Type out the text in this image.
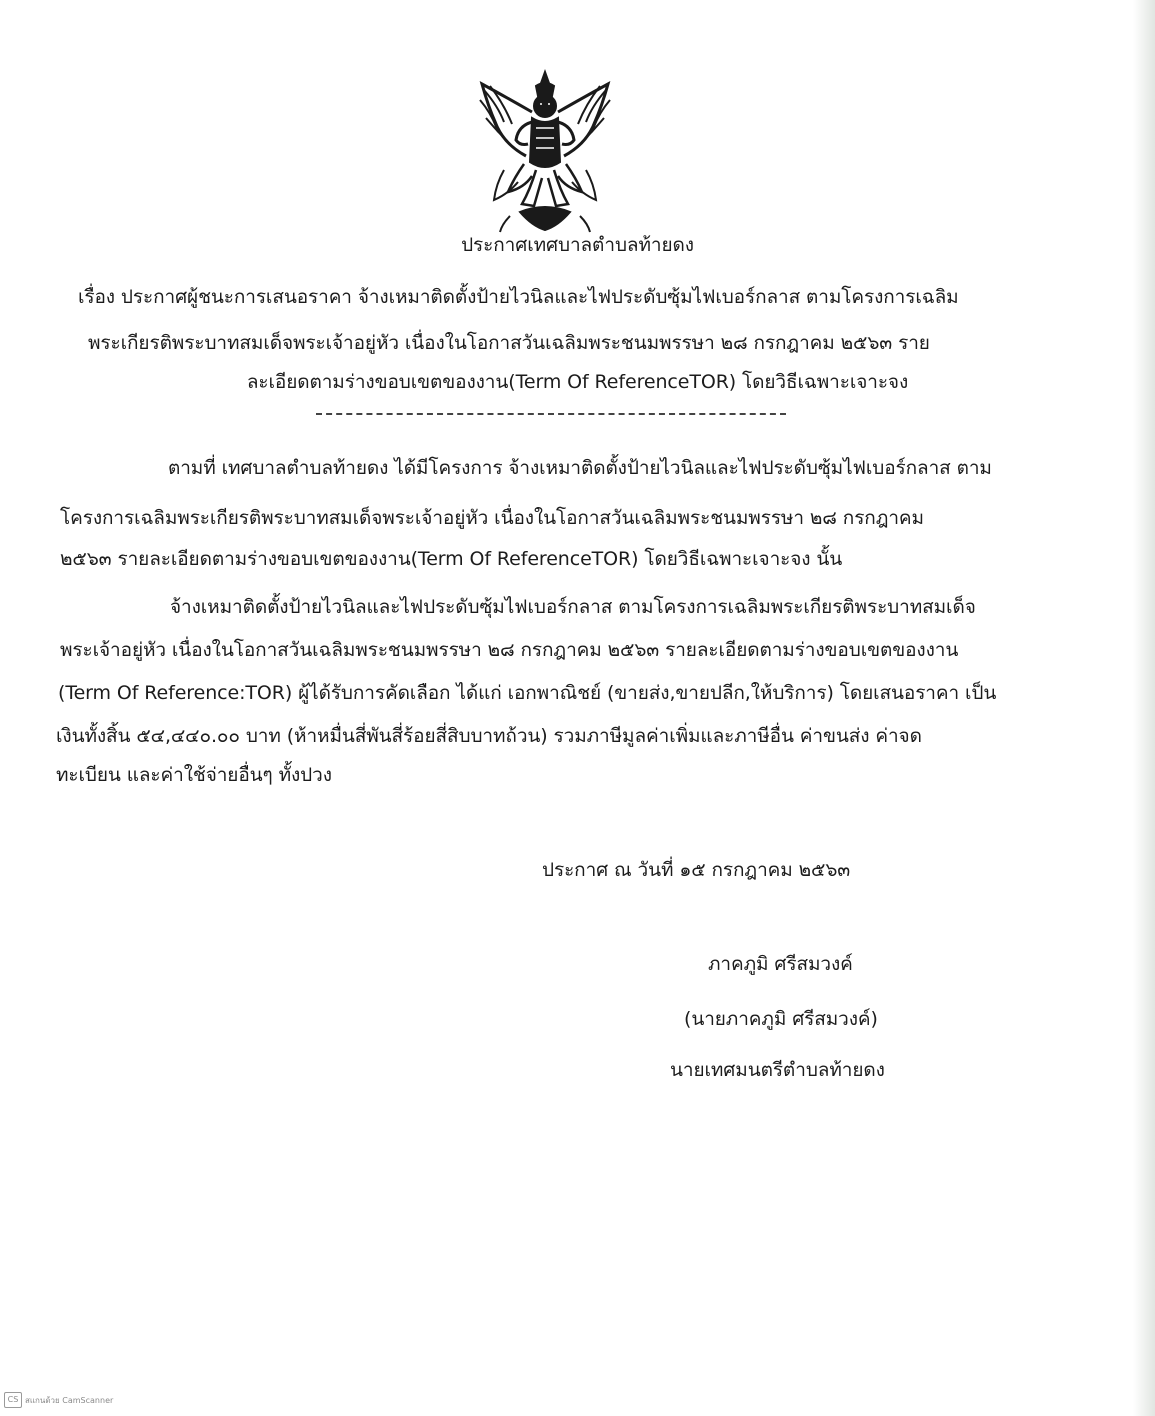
ประกาศเทศบาลตำบลท้ายดง
เรื่อง ประกาศผู้ชนะการเสนอราคา จ้างเหมาติดตั้งป้ายไวนิลและไฟประดับซุ้มไฟเบอร์กลาส ตามโครงการเฉลิม
พระเกียรติพระบาทสมเด็จพระเจ้าอยู่หัว เนื่องในโอกาสวันเฉลิมพระชนมพรรษา ๒๘ กรกฎาคม ๒๕๖๓ ราย
ละเอียดตามร่างขอบเขตของงาน(Term Of ReferenceTOR) โดยวิธีเฉพาะเจาะจง
ตามที่ เทศบาลตำบลท้ายดง ได้มีโครงการ จ้างเหมาติดตั้งป้ายไวนิลและไฟประดับซุ้มไฟเบอร์กลาส ตาม
โครงการเฉลิมพระเกียรติพระบาทสมเด็จพระเจ้าอยู่หัว เนื่องในโอกาสวันเฉลิมพระชนมพรรษา ๒๘ กรกฎาคม
๒๕๖๓ รายละเอียดตามร่างขอบเขตของงาน(Term Of ReferenceTOR) โดยวิธีเฉพาะเจาะจง นั้น
จ้างเหมาติดตั้งป้ายไวนิลและไฟประดับซุ้มไฟเบอร์กลาส ตามโครงการเฉลิมพระเกียรติพระบาทสมเด็จ
พระเจ้าอยู่หัว เนื่องในโอกาสวันเฉลิมพระชนมพรรษา ๒๘ กรกฎาคม ๒๕๖๓ รายละเอียดตามร่างขอบเขตของงาน
(Term Of Reference:TOR) ผู้ได้รับการคัดเลือก ได้แก่ เอกพาณิชย์ (ขายส่ง,ขายปลีก,ให้บริการ) โดยเสนอราคา เป็น
เงินทั้งสิ้น ๕๔,๔๔๐.๐๐ บาท (ห้าหมื่นสี่พันสี่ร้อยสี่สิบบาทถ้วน) รวมภาษีมูลค่าเพิ่มและภาษีอื่น ค่าขนส่ง ค่าจด
ทะเบียน และค่าใช้จ่ายอื่นๆ ทั้งปวง
ประกาศ ณ วันที่ ๑๕ กรกฎาคม ๒๕๖๓
ภาคภูมิ ศรีสมวงค์
(นายภาคภูมิ ศรีสมวงค์)
นายเทศมนตรีตำบลท้ายดง
CS สแกนด้วย CamScanner
